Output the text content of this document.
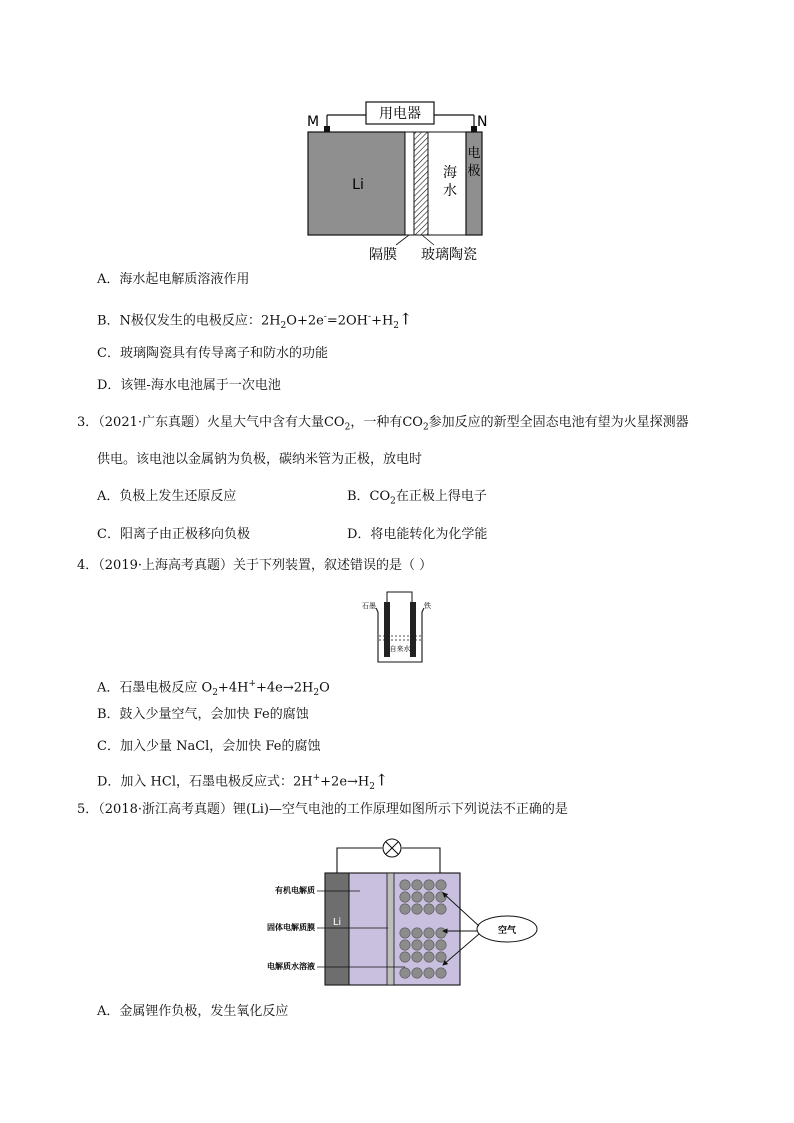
用电器
M	N
Li
海
水
电
极
隔膜 玻璃陶瓷
A．海水起电解质溶液作用
B．N极仅发生的电极反应：$2H_2O+2e^-=2OH^-+H_2↑$
C．玻璃陶瓷具有传导离子和防水的功能
D．该锂-海水电池属于一次电池
3．（2021·广东真题）火星大气中含有大量$CO_2$，一种有$CO_2$参加反应的新型全固态电池有望为火星探测器
供电。该电池以金属钠为负极，碳纳米管为正极，放电时
A．负极上发生还原反应	B．$CO_2$在正极上得电子
C．阳离子由正极移向负极	D．将电能转化为化学能
4．（2019·上海高考真题）关于下列装置，叙述错误的是（ ）
石墨	铁
自来水
A．石墨电极反应 $O_2+4H^++4e\to 2H_2O$
B．鼓入少量空气，会加快 Fe的腐蚀
C．加入少量 NaCl，会加快 Fe的腐蚀
D．加入 HCl，石墨电极反应式：$2H^++2e\to H_2↑$
5．（2018·浙江高考真题）锂(Li)—空气电池的工作原理如图所示下列说法不正确的是
Li
有机电解质
固体电解质膜
电解质水溶液
空气
A．金属锂作负极，发生氧化反应
